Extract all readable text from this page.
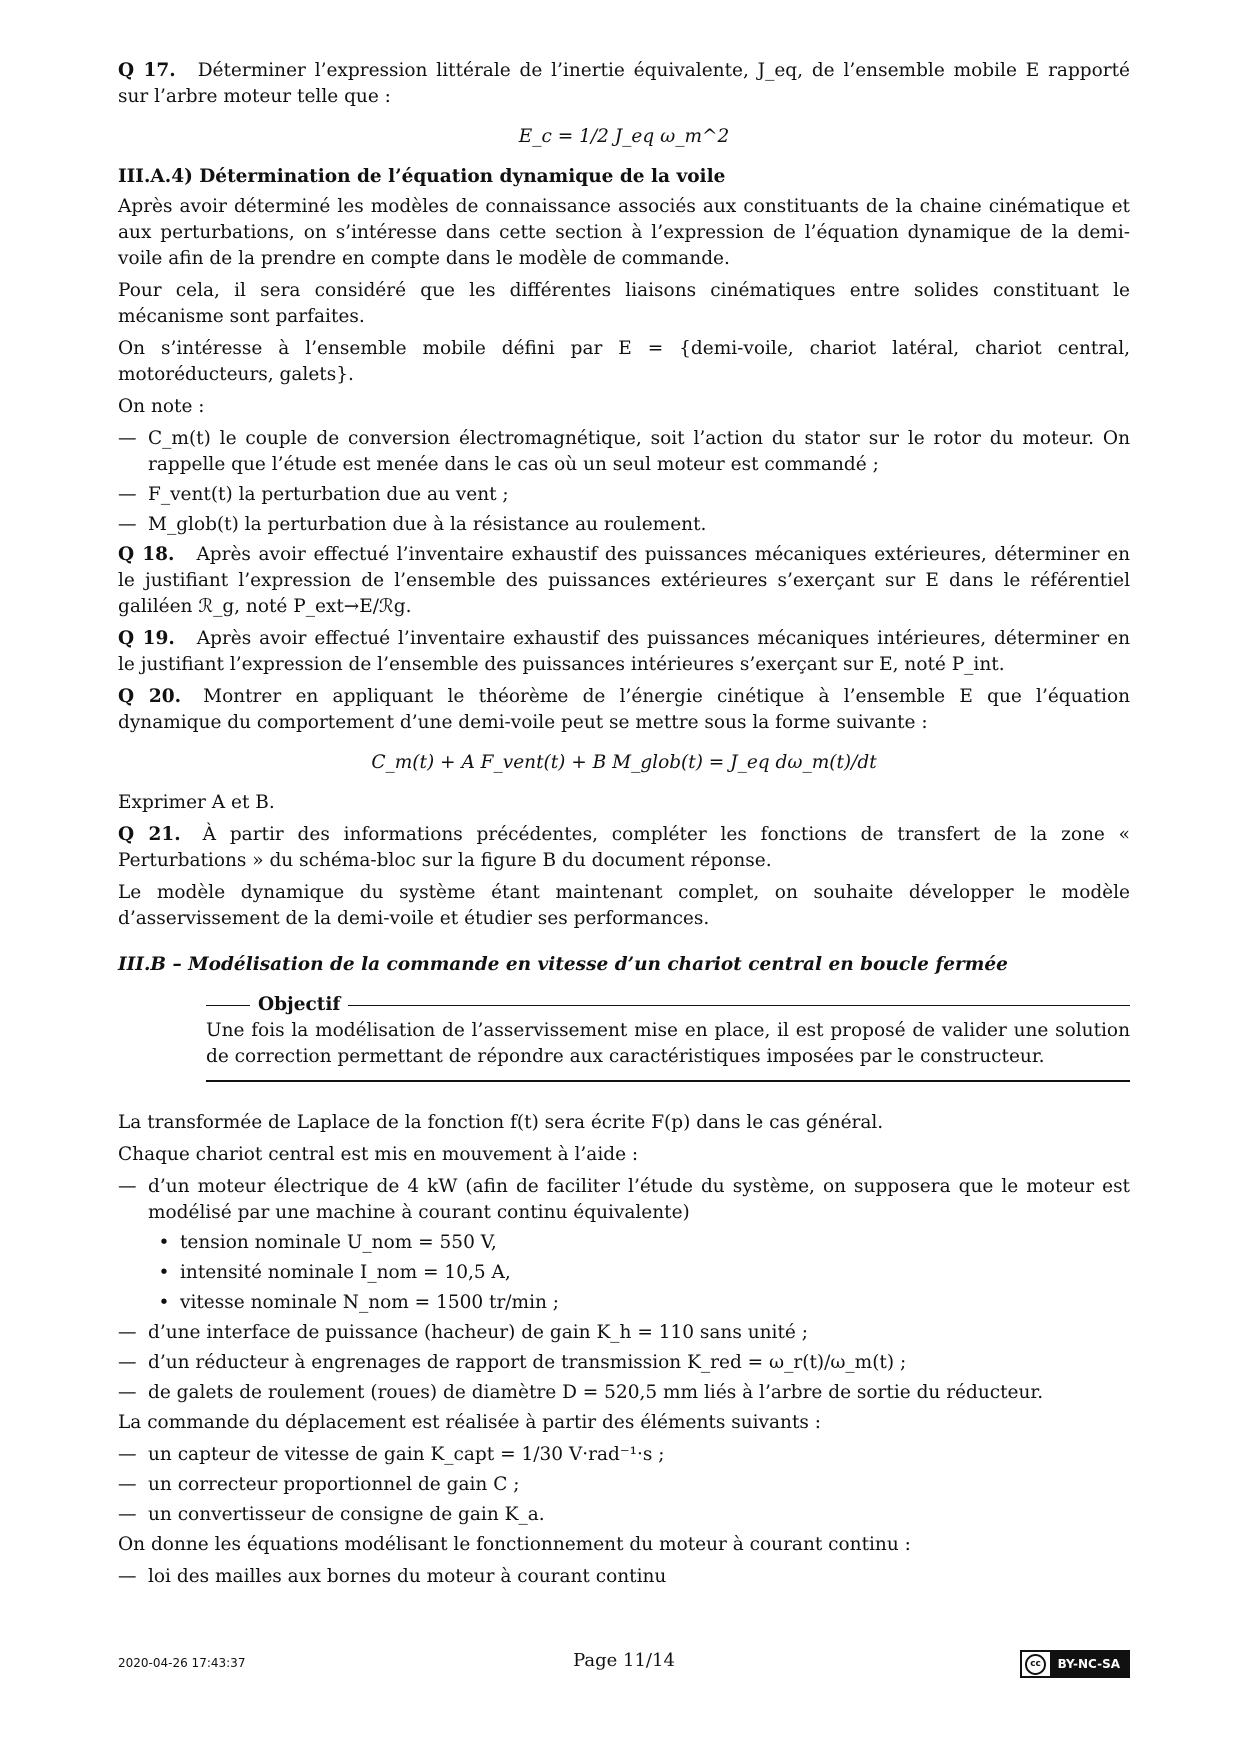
Q 17. Déterminer l’expression littérale de l’inertie équivalente, J_eq, de l’ensemble mobile E rapporté sur l’arbre moteur telle que :

E_c = 1/2 J_eq ω_m^2
III.A.4) Détermination de l’équation dynamique de la voile

Après avoir déterminé les modèles de connaissance associés aux constituants de la chaine cinématique et aux perturbations, on s’intéresse dans cette section à l’expression de l’équation dynamique de la demi-voile afin de la prendre en compte dans le modèle de commande.

Pour cela, il sera considéré que les différentes liaisons cinématiques entre solides constituant le mécanisme sont parfaites.

On s’intéresse à l’ensemble mobile défini par E = {demi-voile, chariot latéral, chariot central, motoréducteurs, galets}.

On note :

— C_m(t) le couple de conversion électromagnétique, soit l’action du stator sur le rotor du moteur. On rappelle que l’étude est menée dans le cas où un seul moteur est commandé ;
— F_vent(t) la perturbation due au vent ;
— M_glob(t) la perturbation due à la résistance au roulement.

Q 18. Après avoir effectué l’inventaire exhaustif des puissances mécaniques extérieures, déterminer en le justifiant l’expression de l’ensemble des puissances extérieures s’exerçant sur E dans le référentiel galiléen ℛ_g, noté P_ext→E/ℛg.

Q 19. Après avoir effectué l’inventaire exhaustif des puissances mécaniques intérieures, déterminer en le justifiant l’expression de l’ensemble des puissances intérieures s’exerçant sur E, noté P_int.

Q 20. Montrer en appliquant le théorème de l’énergie cinétique à l’ensemble E que l’équation dynamique du comportement d’une demi-voile peut se mettre sous la forme suivante :

C_m(t) + A F_vent(t) + B M_glob(t) = J_eq dω_m(t)/dt

Exprimer A et B.

Q 21. À partir des informations précédentes, compléter les fonctions de transfert de la zone « Perturbations » du schéma-bloc sur la figure B du document réponse.

Le modèle dynamique du système étant maintenant complet, on souhaite développer le modèle d’asservissement de la demi-voile et étudier ses performances.

III.B – Modélisation de la commande en vitesse d’un chariot central en boucle fermée
Objectif

Une fois la modélisation de l’asservissement mise en place, il est proposé de valider une solution de correction permettant de répondre aux caractéristiques imposées par le constructeur.

La transformée de Laplace de la fonction f(t) sera écrite F(p) dans le cas général.

Chaque chariot central est mis en mouvement à l’aide :

— d’un moteur électrique de 4 kW (afin de faciliter l’étude du système, on supposera que le moteur est modélisé par une machine à courant continu équivalente)
• tension nominale U_nom = 550 V,
• intensité nominale I_nom = 10,5 A,
• vitesse nominale N_nom = 1500 tr/min ;
— d’une interface de puissance (hacheur) de gain K_h = 110 sans unité ;
— d’un réducteur à engrenages de rapport de transmission K_red = ω_r(t)/ω_m(t) ;
— de galets de roulement (roues) de diamètre D = 520,5 mm liés à l’arbre de sortie du réducteur.

La commande du déplacement est réalisée à partir des éléments suivants :

— un capteur de vitesse de gain K_capt = 1/30 V·rad⁻¹·s ;
— un correcteur proportionnel de gain C ;
— un convertisseur de consigne de gain K_a.

On donne les équations modélisant le fonctionnement du moteur à courant continu :

— loi des mailles aux bornes du moteur à courant continu
2020-04-26 17:43:37	Page 11/14	cc	BY-NC-SA
